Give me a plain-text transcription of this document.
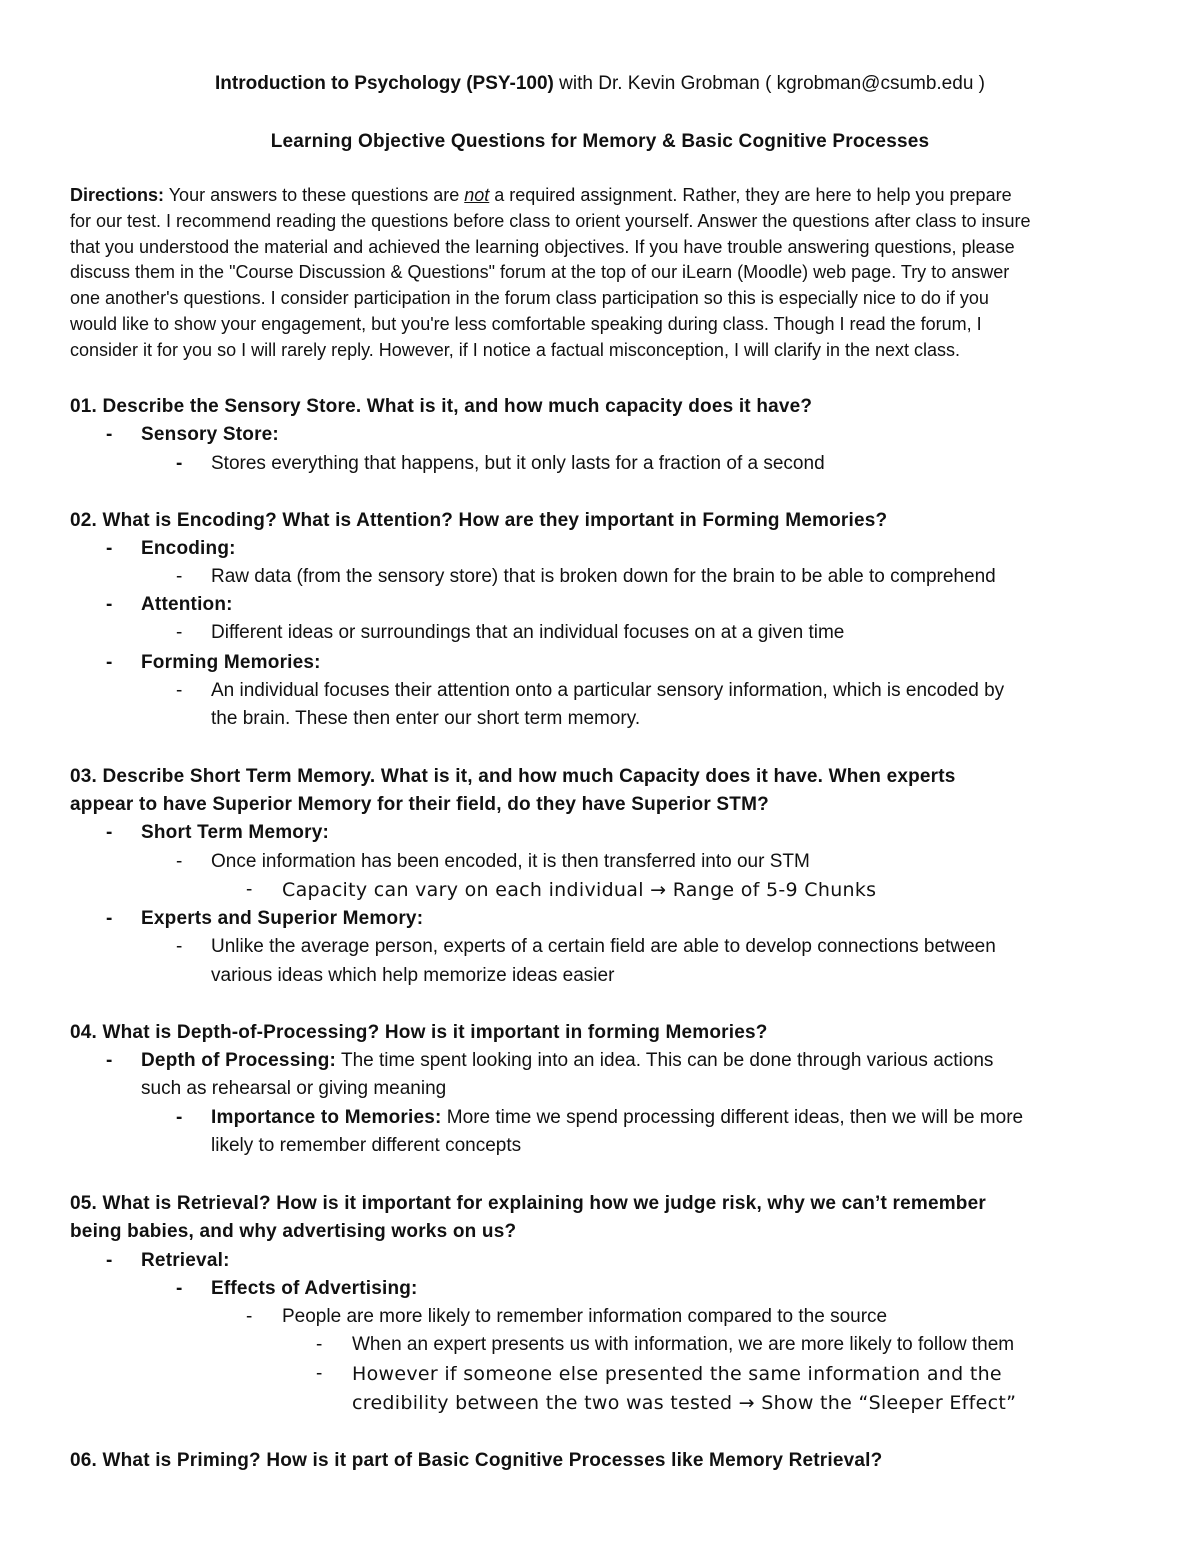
Introduction to Psychology (PSY-100) with Dr. Kevin Grobman ( kgrobman@csumb.edu )
Learning Objective Questions for Memory & Basic Cognitive Processes
Directions: Your answers to these questions are not a required assignment. Rather, they are here to help you prepare
for our test. I recommend reading the questions before class to orient yourself. Answer the questions after class to insure
that you understood the material and achieved the learning objectives. If you have trouble answering questions, please
discuss them in the "Course Discussion & Questions" forum at the top of our iLearn (Moodle) web page. Try to answer
one another's questions. I consider participation in the forum class participation so this is especially nice to do if you
would like to show your engagement, but you're less comfortable speaking during class. Though I read the forum, I
consider it for you so I will rarely reply. However, if I notice a factual misconception, I will clarify in the next class.
01. Describe the Sensory Store. What is it, and how much capacity does it have?
-	Sensory Store:
-	Stores everything that happens, but it only lasts for a fraction of a second
02. What is Encoding? What is Attention? How are they important in Forming Memories?
-	Encoding:
-	Raw data (from the sensory store) that is broken down for the brain to be able to comprehend
-	Attention:
-	Different ideas or surroundings that an individual focuses on at a given time
-	Forming Memories:
-	An individual focuses their attention onto a particular sensory information, which is encoded by
the brain. These then enter our short term memory.
03. Describe Short Term Memory. What is it, and how much Capacity does it have. When experts
appear to have Superior Memory for their field, do they have Superior STM?
-	Short Term Memory:
-	Once information has been encoded, it is then transferred into our STM
-	Capacity can vary on each individual → Range of 5-9 Chunks
-	Experts and Superior Memory:
-	Unlike the average person, experts of a certain field are able to develop connections between
various ideas which help memorize ideas easier
04. What is Depth-of-Processing? How is it important in forming Memories?
-	Depth of Processing: The time spent looking into an idea. This can be done through various actions
such as rehearsal or giving meaning
-	Importance to Memories: More time we spend processing different ideas, then we will be more
likely to remember different concepts
05. What is Retrieval? How is it important for explaining how we judge risk, why we can’t remember
being babies, and why advertising works on us?
-	Retrieval:
-	Effects of Advertising:
-	People are more likely to remember information compared to the source
-	When an expert presents us with information, we are more likely to follow them
-	However if someone else presented the same information and the
credibility between the two was tested → Show the “Sleeper Effect”
06. What is Priming? How is it part of Basic Cognitive Processes like Memory Retrieval?
